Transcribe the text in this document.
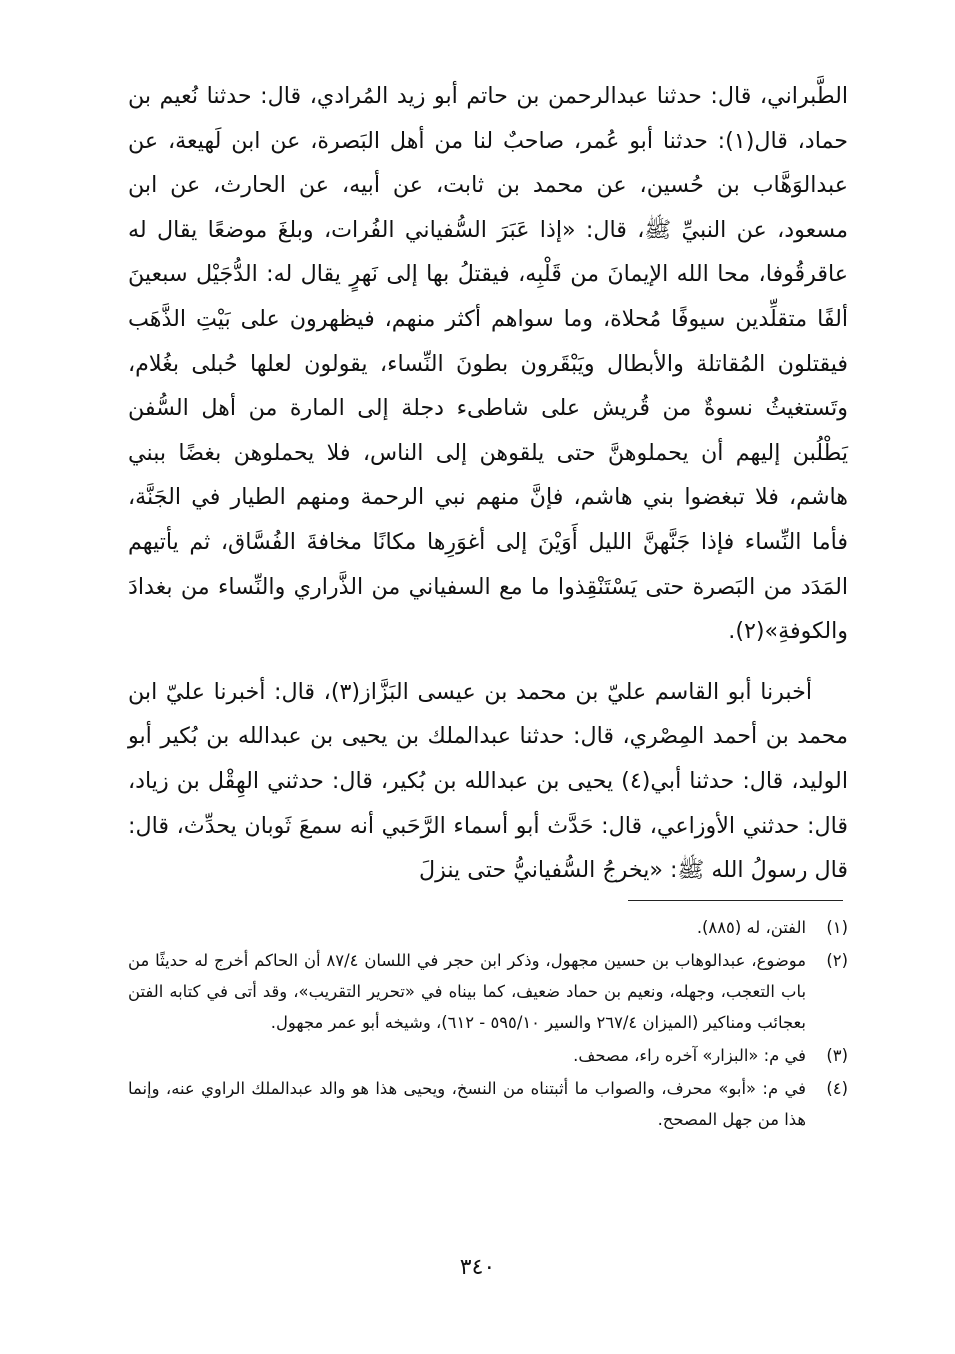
الطَّبراني، قال: حدثنا عبدالرحمن بن حاتم أبو زيد المُرادي، قال: حدثنا نُعيم بن حماد، قال(١): حدثنا أبو عُمر، صاحبٌ لنا من أهل البَصرة، عن ابن لَهيعة، عن عبدالوَهَّاب بن حُسين، عن محمد بن ثابت، عن أبيه، عن الحارث، عن ابن مسعود، عن النبيِّ ﷺ، قال: «إذا عَبَرَ السُّفياني الفُرات، وبلغَ موضعًا يقال له عاقرقُوفا، محا الله الإيمانَ من قَلْبِه، فيقتلُ بها إلى نَهرٍ يقال له: الدُّجَيْل سبعينَ ألفًا متقلِّدين سيوفًا مُحلاة، وما سواهم أكثر منهم، فيظهرون على بَيْتِ الذَّهَب فيقتلون المُقاتلة والأبطال ويَبْقَرون بطونَ النِّساء، يقولون لعلها حُبلى بغُلام، وتَستغيثُ نسوةٌ من قُريش على شاطىء دجلة إلى المارة من أهل السُّفن يَطْلُبن إليهم أن يحملوهنَّ حتى يلقوهن إلى الناس، فلا يحملوهن بغضًا ببني هاشم، فلا تبغضوا بني هاشم، فإنَّ منهم نبي الرحمة ومنهم الطيار في الجَنَّة، فأما النِّساء فإذا جَنَّهنَّ الليل أَوَيْنَ إلى أغوَرِها مكانًا مخافةَ الفُسَّاق، ثم يأتيهم المَدَد من البَصرة حتى يَسْتَنْقِذوا ما مع السفياني من الذَّراري والنِّساء من بغدادَ والكوفةِ»(٢).

أخبرنا أبو القاسم عليّ بن محمد بن عيسى البَزَّاز(٣)، قال: أخبرنا عليّ ابن محمد بن أحمد المِصْري، قال: حدثنا عبدالملك بن يحيى بن عبدالله بن بُكير أبو الوليد، قال: حدثنا أبي(٤) يحيى بن عبدالله بن بُكير، قال: حدثني الهِقْل بن زياد، قال: حدثني الأوزاعي، قال: حَدَّث أبو أسماء الرَّحَبي أنه سمعَ ثَوبان يحدِّث، قال: قال رسولُ الله ﷺ: «يخرجُ السُّفيانيُّ حتى ينزلَ

(١)
الفتن، له (٨٨٥).
(٢)
موضوع، عبدالوهاب بن حسين مجهول، وذكر ابن حجر في اللسان ٨٧/٤ أن الحاكم أخرج له حديثًا من باب التعجب، وجهله، ونعيم بن حماد ضعيف، كما بيناه في «تحرير التقريب»، وقد أتى في كتابه الفتن بعجائب ومناكير (الميزان ٢٦٧/٤ والسير ٥٩٥/١٠ - ٦١٢)، وشيخه أبو عمر مجهول.
(٣)
في م: «البزار» آخره راء، مصحف.
(٤)
في م: «أبو» محرف، والصواب ما أثبتناه من النسخ، ويحيى هذا هو والد عبدالملك الراوي عنه، وإنما هذا من جهل المصحح.
٣٤٠
